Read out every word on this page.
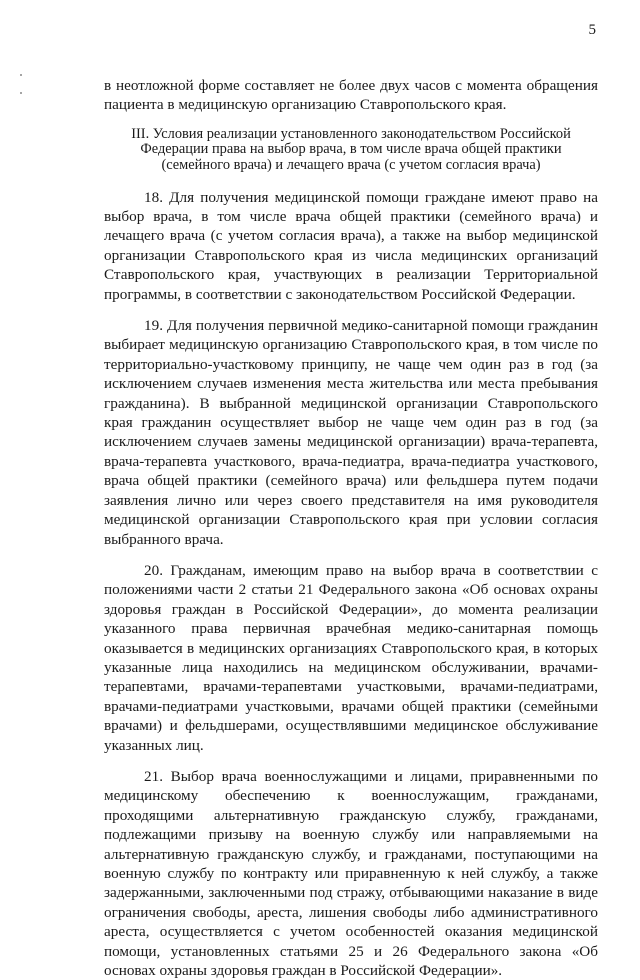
5

в неотложной форме составляет не более двух часов с момента обращения пациента в медицинскую организацию Ставропольского края.

III. Условия реализации установленного законодательством Российской Федерации права на выбор врача, в том числе врача общей практики (семейного врача) и лечащего врача (с учетом согласия врача)

18. Для получения медицинской помощи граждане имеют право на выбор врача, в том числе врача общей практики (семейного врача) и лечащего врача (с учетом согласия врача), а также на выбор медицинской организации Ставропольского края из числа медицинских организаций Ставропольского края, участвующих в реализации Территориальной программы, в соответствии с законодательством Российской Федерации.

19. Для получения первичной медико-санитарной помощи гражданин выбирает медицинскую организацию Ставропольского края, в том числе по территориально-участковому принципу, не чаще чем один раз в год (за исключением случаев изменения места жительства или места пребывания гражданина). В выбранной медицинской организации Ставропольского края гражданин осуществляет выбор не чаще чем один раз в год (за исключением случаев замены медицинской организации) врача-терапевта, врача-терапевта участкового, врача-педиатра, врача-педиатра участкового, врача общей практики (семейного врача) или фельдшера путем подачи заявления лично или через своего представителя на имя руководителя медицинской организации Ставропольского края при условии согласия выбранного врача.

20. Гражданам, имеющим право на выбор врача в соответствии с положениями части 2 статьи 21 Федерального закона «Об основах охраны здоровья граждан в Российской Федерации», до момента реализации указанного права первичная врачебная медико-санитарная помощь оказывается в медицинских организациях Ставропольского края, в которых указанные лица находились на медицинском обслуживании, врачами-терапевтами, врачами-терапевтами участковыми, врачами-педиатрами, врачами-педиатрами участковыми, врачами общей практики (семейными врачами) и фельдшерами, осуществлявшими медицинское обслуживание указанных лиц.

21. Выбор врача военнослужащими и лицами, приравненными по медицинскому обеспечению к военнослужащим, гражданами, проходящими альтернативную гражданскую службу, гражданами, подлежащими призыву на военную службу или направляемыми на альтернативную гражданскую службу, и гражданами, поступающими на военную службу по контракту или приравненную к ней службу, а также задержанными, заключенными под стражу, отбывающими наказание в виде ограничения свободы, ареста, лишения свободы либо административного ареста, осуществляется с учетом особенностей оказания медицинской помощи, установленных статьями 25 и 26 Федерального закона «Об основах охраны здоровья граждан в Российской Федерации».
